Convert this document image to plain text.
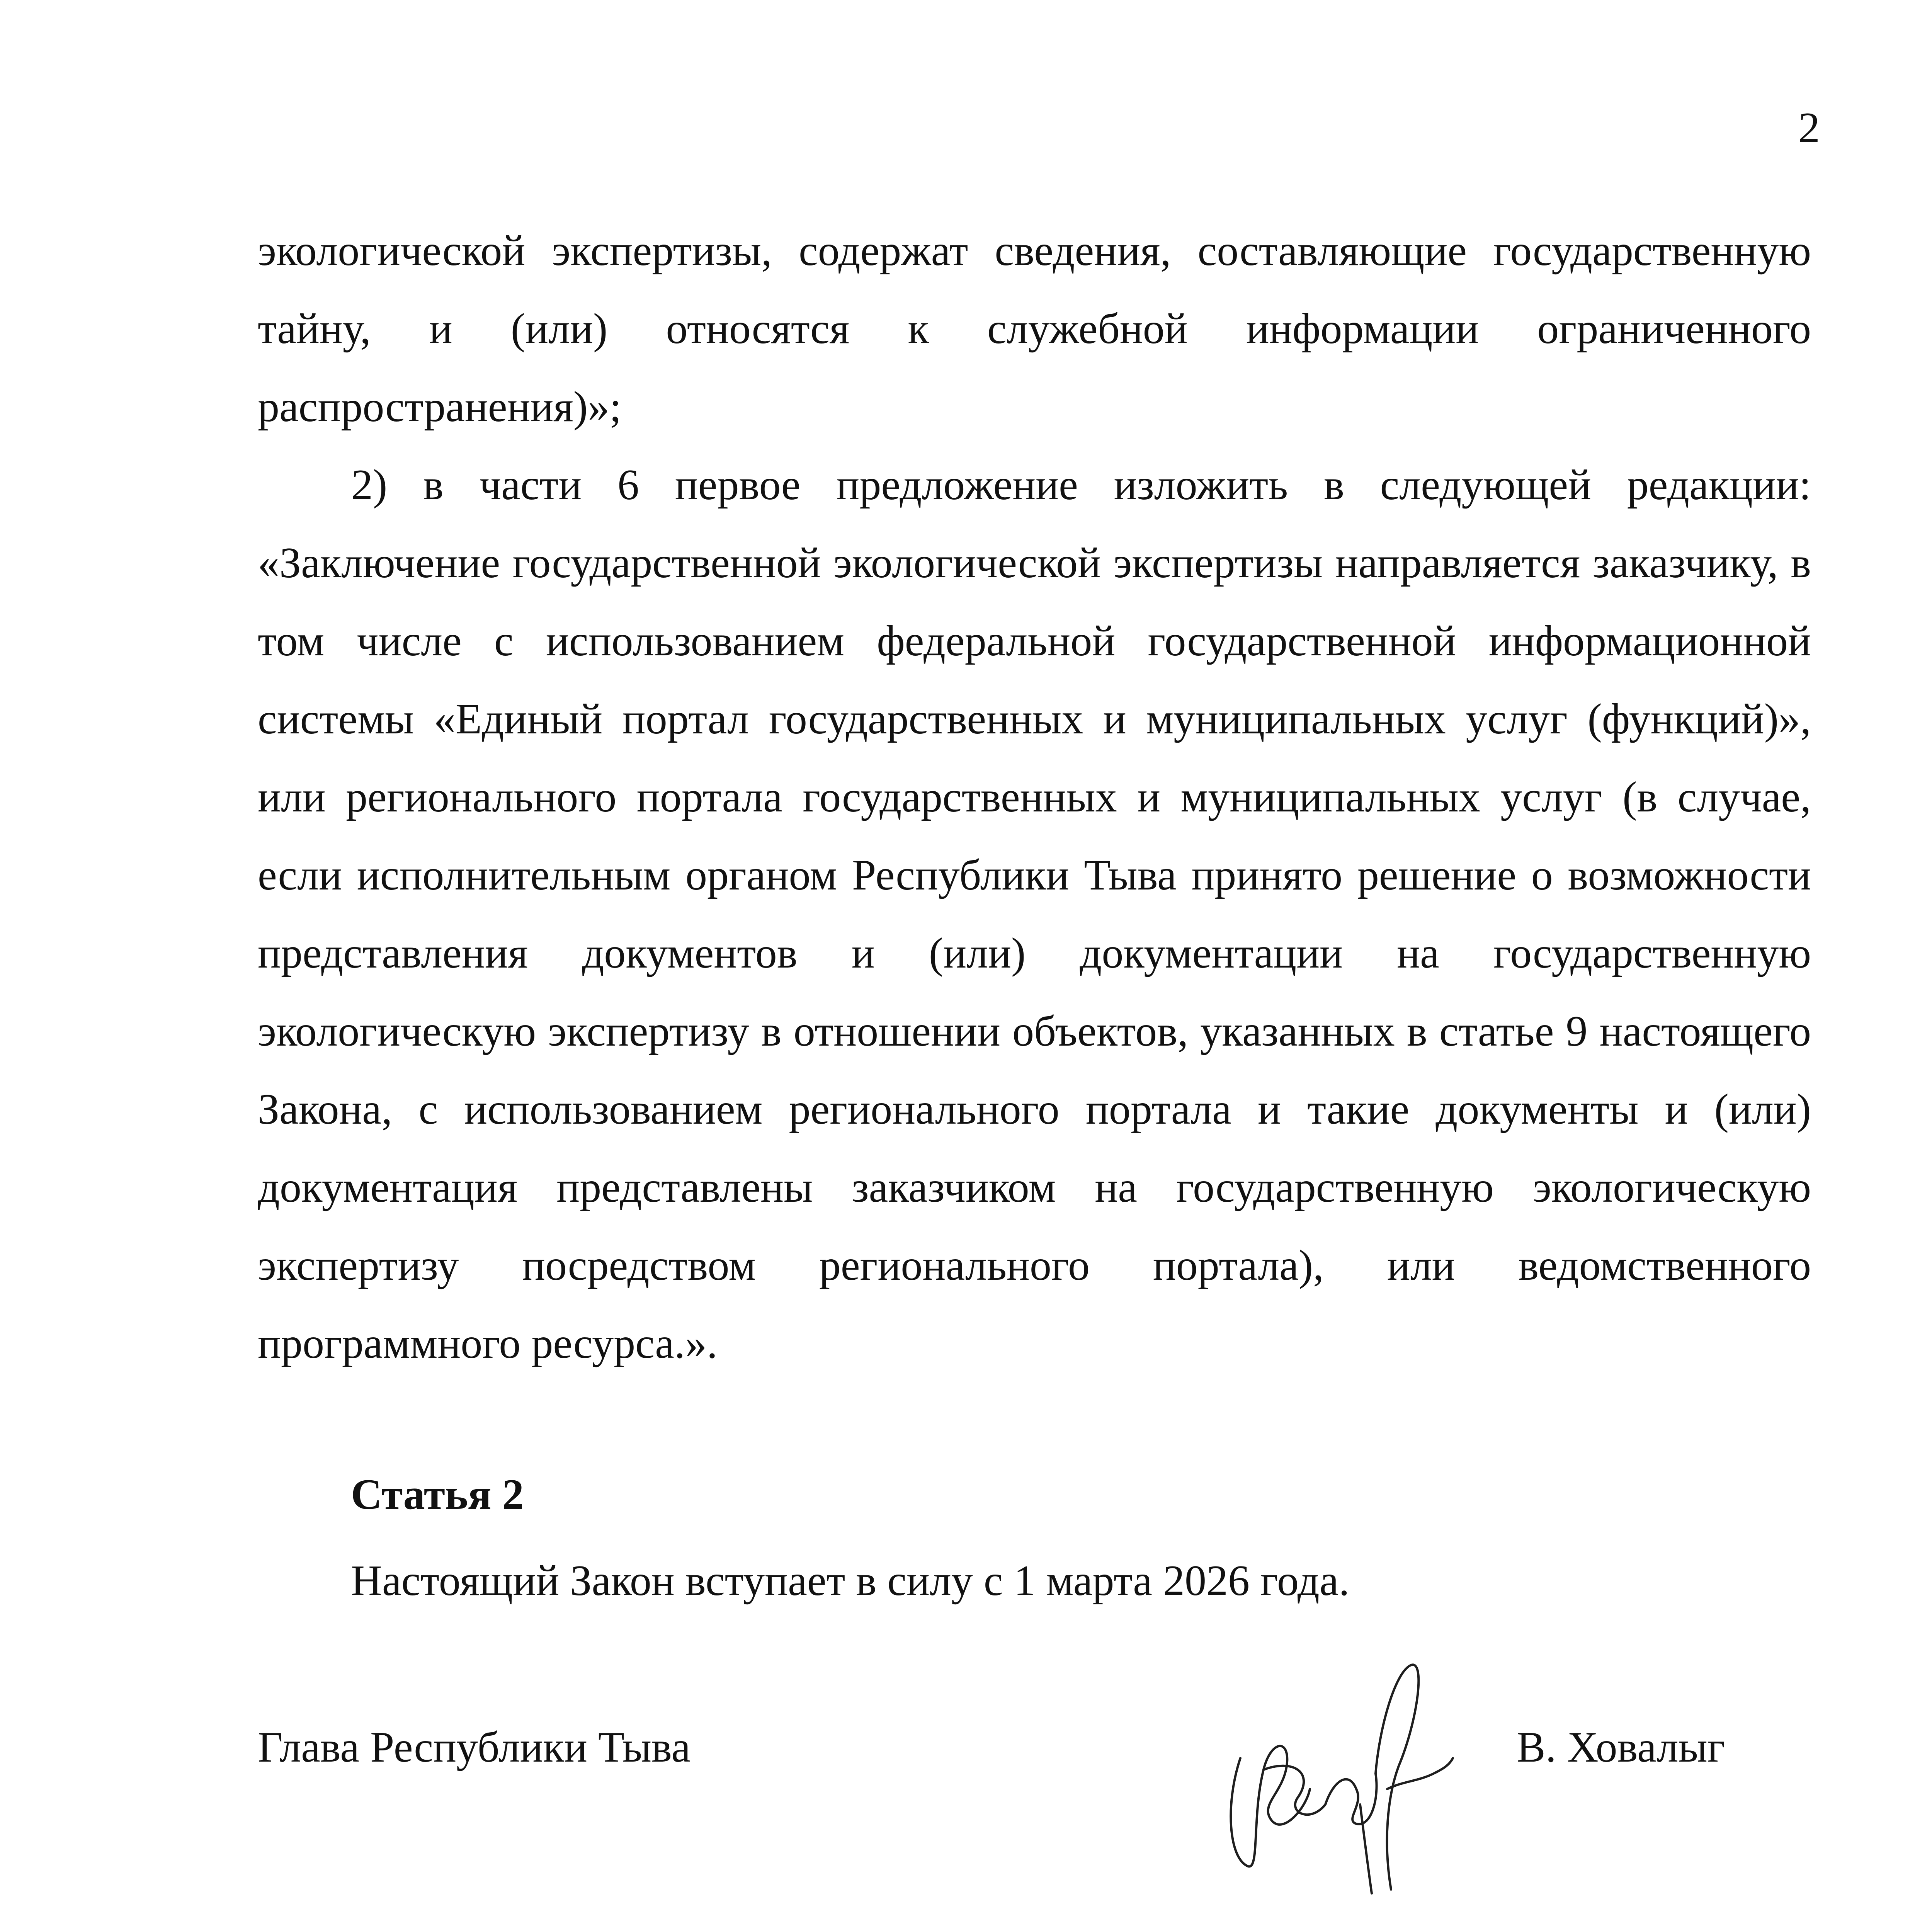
2

экологической экспертизы, содержат сведения, составляющие государственную тайну, и (или) относятся к служебной информации ограниченного распространения)»;

2) в части 6 первое предложение изложить в следующей редакции: «Заключение государственной экологической экспертизы направляется заказчику, в том числе с использованием федеральной государственной информационной системы «Единый портал государственных и муниципальных услуг (функций)», или регионального портала государственных и муниципальных услуг (в случае, если исполнительным органом Республики Тыва принято решение о возможности представления документов и (или) документации на государственную экологическую экспертизу в отношении объектов, указанных в статье 9 настоящего Закона, с использованием регионального портала и такие документы и (или) документация представлены заказчиком на государственную экологическую экспертизу посредством регионального портала), или ведомственного программного ресурса.».

Статья 2
Настоящий Закон вступает в силу с 1 марта 2026 года.
Глава Республики Тыва	В. Ховалыг
